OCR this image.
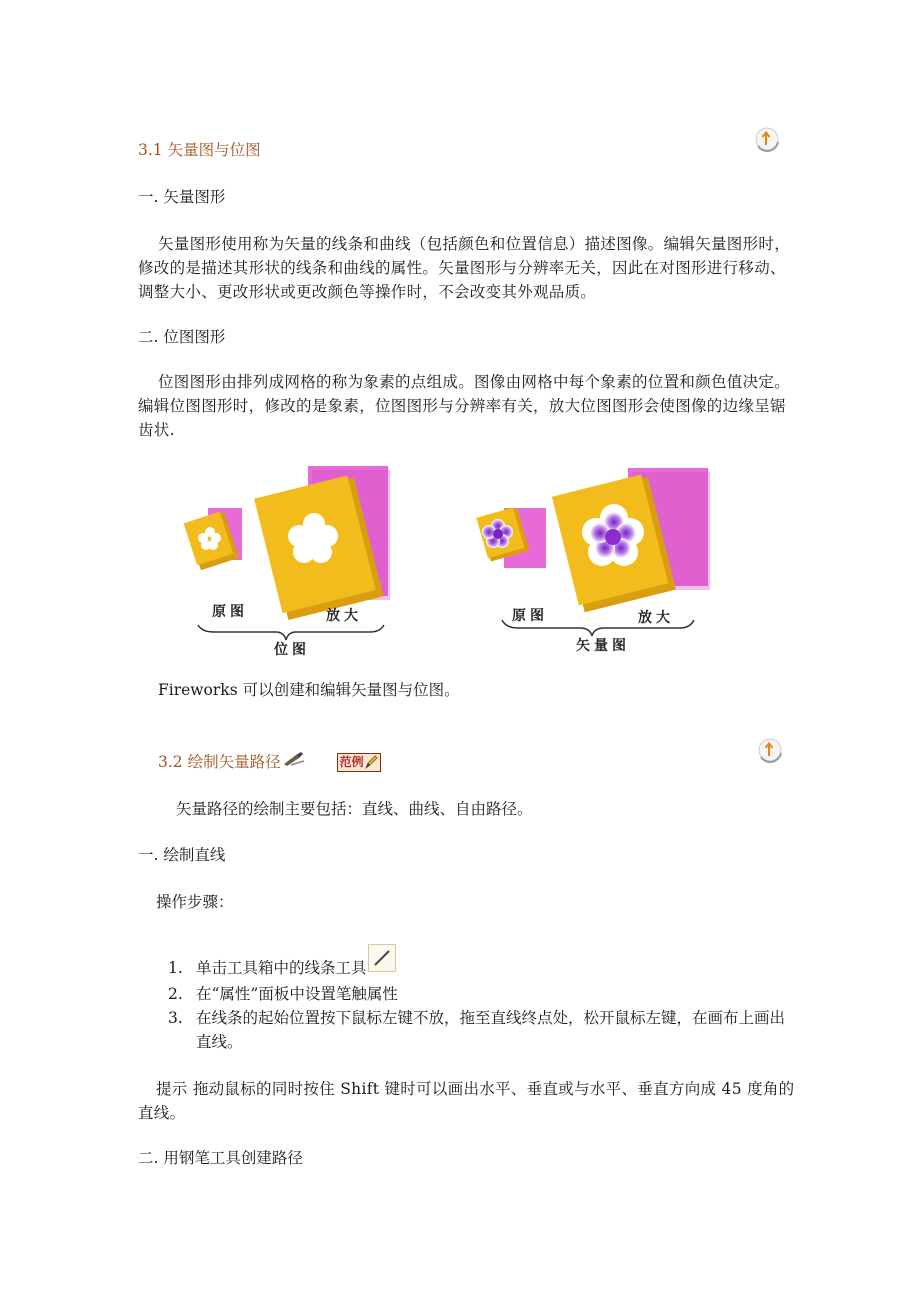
3.1 矢量图与位图
一. 矢量图形
矢量图形使用称为矢量的线条和曲线（包括颜色和位置信息）描述图像。编辑矢量图形时，修改的是描述其形状的线条和曲线的属性。矢量图形与分辨率无关，因此在对图形进行移动、调整大小、更改形状或更改颜色等操作时，不会改变其外观品质。
二. 位图图形
位图图形由排列成网格的称为象素的点组成。图像由网格中每个象素的位置和颜色值决定。编辑位图图形时，修改的是象素，位图图形与分辨率有关，放大位图图形会使图像的边缘呈锯齿状.
原图	放大
位图
原图	放大
矢量图
Fireworks 可以创建和编辑矢量图与位图。
3.2 绘制矢量路径	范例
矢量路径的绘制主要包括：直线、曲线、自由路径。
一. 绘制直线
操作步骤：
1. 单击工具箱中的线条工具
2. 在“属性”面板中设置笔触属性
3. 在线条的起始位置按下鼠标左键不放，拖至直线终点处，松开鼠标左键，在画布上画出直线。
提示 拖动鼠标的同时按住 Shift 键时可以画出水平、垂直或与水平、垂直方向成 45 度角的直线。
二. 用钢笔工具创建路径
